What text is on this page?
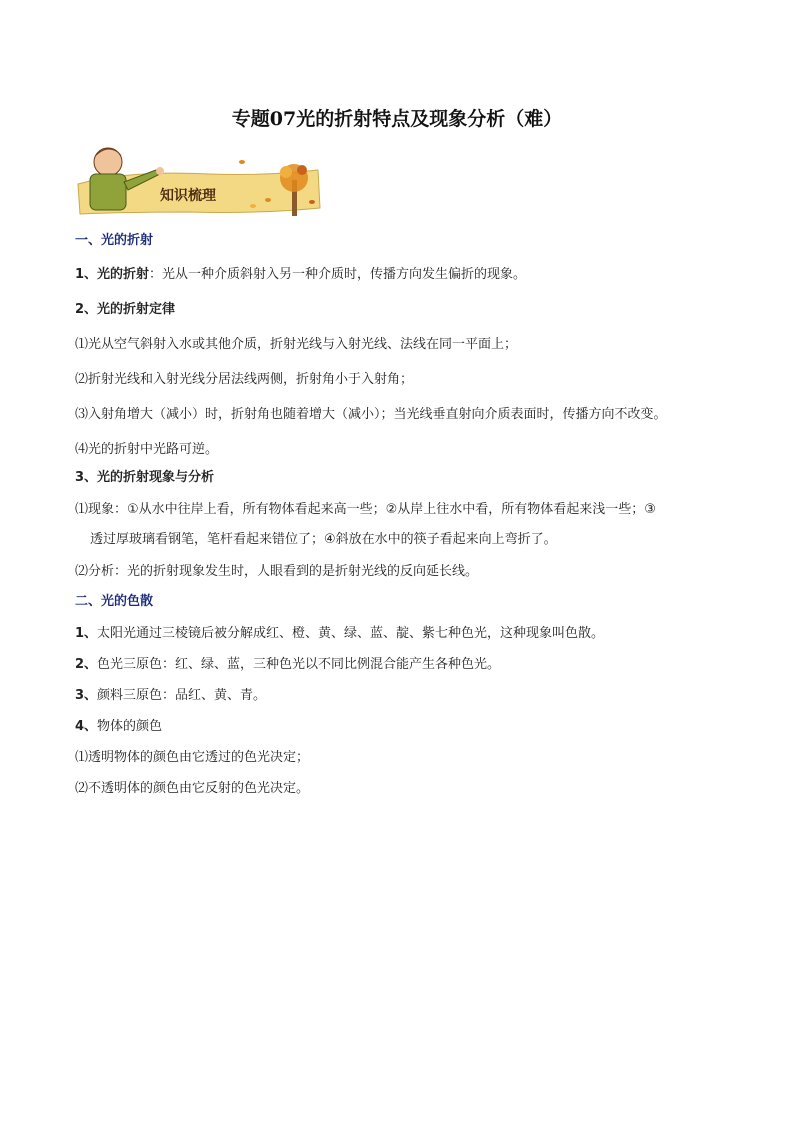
专题07光的折射特点及现象分析（难）
知识梳理
一、光的折射
1、光的折射：光从一种介质斜射入另一种介质时，传播方向发生偏折的现象。
2、光的折射定律
⑴光从空气斜射入水或其他介质，折射光线与入射光线、法线在同一平面上；
⑵折射光线和入射光线分居法线两侧，折射角小于入射角；
⑶入射角增大（减小）时，折射角也随着增大（减小）；当光线垂直射向介质表面时，传播方向不改变。
⑷光的折射中光路可逆。
3、光的折射现象与分析
⑴现象：①从水中往岸上看，所有物体看起来高一些；②从岸上往水中看，所有物体看起来浅一些；③
透过厚玻璃看钢笔，笔杆看起来错位了；④斜放在水中的筷子看起来向上弯折了。
⑵分析：光的折射现象发生时，人眼看到的是折射光线的反向延长线。
二、光的色散
1、太阳光通过三棱镜后被分解成红、橙、黄、绿、蓝、靛、紫七种色光，这种现象叫色散。
2、色光三原色：红、绿、蓝，三种色光以不同比例混合能产生各种色光。
3、颜料三原色：品红、黄、青。
4、物体的颜色
⑴透明物体的颜色由它透过的色光决定；
⑵不透明体的颜色由它反射的色光决定。
